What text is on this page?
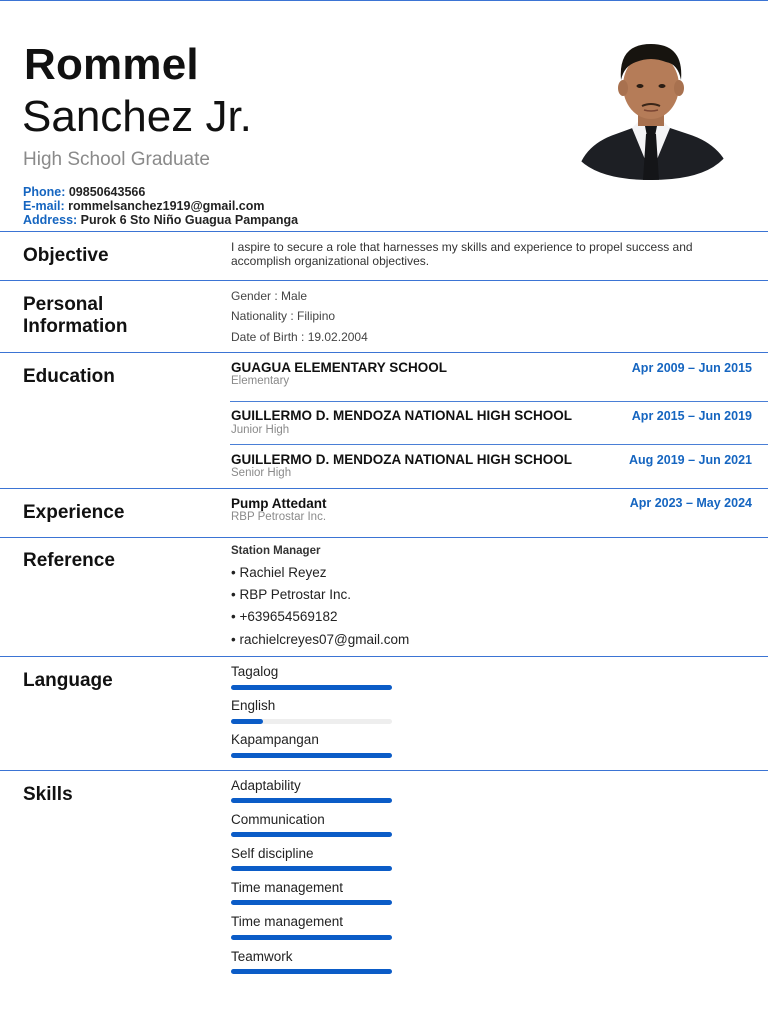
Rommel
Sanchez Jr.
High School Graduate
Phone: 09850643566
E-mail: rommelsanchez1919@gmail.com
Address: Purok 6 Sto Niño Guagua Pampanga
Objective	I aspire to secure a role that harnesses my skills and experience to propel success and
accomplish organizational objectives.
Personal Information
Gender : Male
Nationality : Filipino
Date of Birth : 19.02.2004
Education	GUAGUA ELEMENTARY SCHOOL
Elementary
Apr 2009 – Jun 2015
GUILLERMO D. MENDOZA NATIONAL HIGH SCHOOL
Junior High
Apr 2015 – Jun 2019
GUILLERMO D. MENDOZA NATIONAL HIGH SCHOOL
Senior High
Aug 2019 – Jun 2021
Experience	Pump Attedant
RBP Petrostar Inc.
Apr 2023 – May 2024
Reference	Station Manager
• Rachiel Reyez
• RBP Petrostar Inc.
• +639654569182
• rachielcreyes07@gmail.com
Language	Tagalog
English
Kapampangan
Skills	Adaptability
Communication
Self discipline
Time management
Time management
Teamwork
